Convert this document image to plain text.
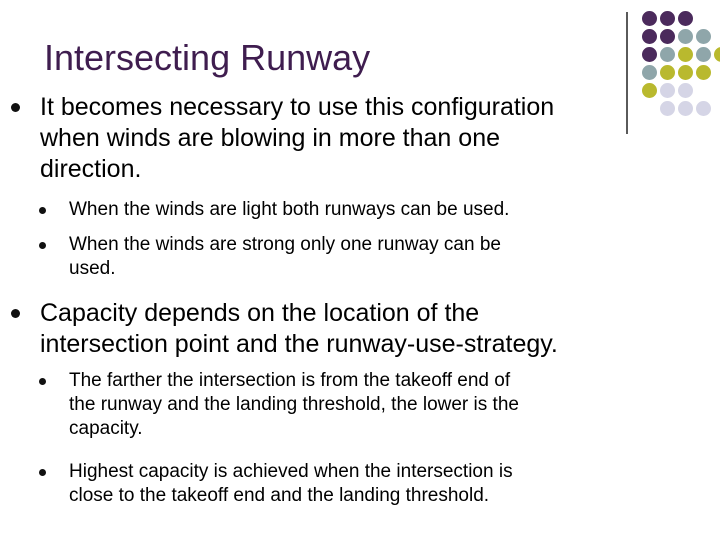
Intersecting Runway
It becomes necessary to use this configuration
when winds are blowing in more than one
direction.
When the winds are light both runways can be used.
When the winds are strong only one runway can be
used.
Capacity depends on the location of the
intersection point and the runway-use-strategy.
The farther the intersection is from the takeoff end of
the runway and the landing threshold, the lower is the
capacity.
Highest capacity is achieved when the intersection is
close to the takeoff end and the landing threshold.
